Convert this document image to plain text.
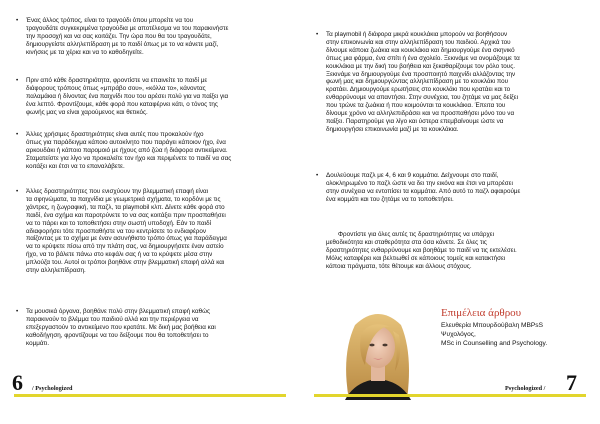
• Ένας άλλος τρόπος, είναι το τραγούδι όπου μπορείτε να του
τραγουδάτε συγκεκριμένα τραγούδια με αποτέλεσμα να του παρακινήστε
την προσοχή και να σας κοιτάζει. Την ώρα που θα του τραγουδάτε,
δημιουργείστε αλληλεπίδραση με το παιδί όπως με το να κάνετε μαζί,
κινήσεις με τα χέρια και να το καθοδηγείτε.

• Πριν από κάθε δραστηριότητα, φροντίστε να επαινείτε το παιδί με
διάφορους τρόπους όπως «μπράβο σου», «κόλλα το», κάνοντας
παλαμάκια ή δίνοντας ένα παιχνίδι που του αρέσει πολύ για να παίξει για
ένα λεπτό. Φροντίζουμε, κάθε φορά που καταφέρνει κάτι, ο τόνος της
φωνής μας να είναι χαρούμενος και θετικός.

• Άλλες χρήσιμες δραστηριότητες είναι αυτές που προκαλούν ήχο
όπως για παράδειγμα κάποιο αυτοκίνητο που παράγει κάποιον ήχο, ένα
αρκουδάκι ή κάποιο παρομοιό με ήχους από ζώα ή διάφορα αντικείμενα.
Σταματείστε για λίγο να προκαλείτε τον ήχο και περιμένετε το παιδί να σας
κοιτάξει και έτσι να το επαναλάβετε.

• Άλλες δραστηριότητες που ενισχύουν την βλεμματική επαφή είναι
τα σφηνώματα, τα παιχνίδια με γεωμετρικά σχήματα, το κορδόνι με τις
χάντρες, η ζωγραφική, τα παζλ, τα playmobil κλπ. Δίνετε κάθε φορά στο
παιδί, ένα σχήμα και παροτρύνετε το να σας κοιτάξει πριν προσπαθήσει
να το πάρει και το τοποθετήσει στην σωστή υποδοχή. Εάν το παιδί
αδιαφορήσει τότε προσπαθήστε να του κεντρίσετε το ενδιαφέρον
παίζοντας με το σχήμα με έναν ασυνήθιστο τρόπο όπως για παράδειγμα
να το κρύψετε πίσω από την πλάτη σας, να δημιουργήσετε έναν αστείο
ήχο, να το βάλετε πάνω στο κεφάλι σας ή να το κρύψετε μέσα στην
μπλούζα του. Αυτοί οι τρόποι βοηθάνε στην βλεμματική επαφή αλλά και
στην αλληλεπίδραση.

• Τα μουσικά όργανα, βοηθάνε πολύ στην βλεμματική επαφή καθώς
παρακινούν το βλέμμα του παιδιού αλλά και την περιέργεια να
επεξεργαστούν το αντικείμενο που κρατάτε. Με δική μας βοήθεια και
καθοδήγηση, φροντίζουμε να του δείξουμε που θα τοποθετήσει το
κομμάτι.

• Τα playmobil ή διάφορα μικρά κουκλάκια μπορούν να βοηθήσουν
στην επικοινωνία και στην αλληλεπίδραση του παιδιού. Αρχικά του
δίνουμε κάποια ζωάκια και κουκλάκια και δημιουργούμε ένα σκηνικό
όπως μια φάρμα, ένα σπίτι ή ένα σχολείο. Ξεκινάμε να ονομάζουμε τα
κουκλάκια με την δική του βοήθεια και ξεκαθαρίζουμε τον ρόλο τους.
Ξεκινάμε να δημιουργούμε ένα προσποιητό παιχνίδι αλλάζοντας την
φωνή μας και δημιουργώντας αλληλεπίδραση με το κουκλάκι που
κρατάει. Δημιουργούμε ερωτήσεις στο κουκλάκι που κρατάει και το
ενθαρρύνουμε να απαντήσει. Στην συνέχεια, του ζητάμε να μας δείξει
που τρώνε τα ζωάκια ή που κοιμούνται τα κουκλάκια. Έπειτα του
δίνουμε χρόνο να αλληλεπιδράσει και να προσπαθήσει μόνο του να
παίξει. Παρατηρούμε για λίγο και ύστερα επεμβαίνουμε ώστε να
δημιουργήσει επικοινωνία μαζί με τα κουκλάκια.

• Δουλεύουμε παζλ με 4, 6 και 9 κομμάτια. Δείχνουμε στο παιδί,
ολοκληρωμένο το παζλ ώστε να δει την εικόνα και έτσι να μπορέσει
στην συνέχεια να εντοπίσει τα κομμάτια. Από αυτό το παζλ αφαιρούμε
ένα κομμάτι και του ζητάμε να το τοποθετήσει.

Φροντίστε για όλες αυτές τις δραστηριότητες να υπάρχει
μεθοδικότητα και σταθερότητα στα όσα κάνετε. Σε όλες τις
δραστηριότητες ενθαρρύνουμε και βοηθάμε το παιδί να τις εκτελέσει.
Μόλις καταφέρει και βελτιωθεί σε κάποιους τομείς και κατακτήσει
κάποια πράγματα, τότε θέτουμε και άλλους στόχους.

Επιμέλεια άρθρου
Ελευθερία Μπουρδούβαλη MBPsS
Ψυχολόγος,
MSc in Counselling and Psychology.
6 / Psychologized	Psychologized / 7
